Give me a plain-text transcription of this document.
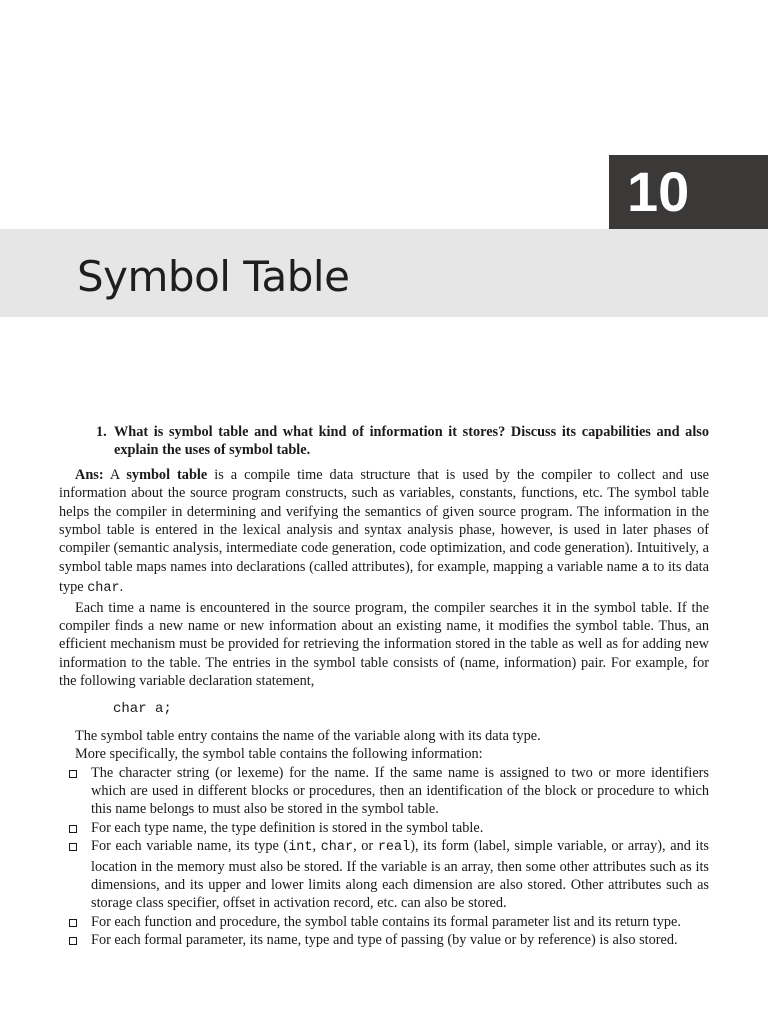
10
Symbol Table

1. What is symbol table and what kind of information it stores? Discuss its capabilities and also explain the uses of symbol table.

Ans: A symbol table is a compile time data structure that is used by the compiler to collect and use information about the source program constructs, such as variables, constants, functions, etc. The symbol table helps the compiler in determining and verifying the semantics of given source program. The information in the symbol table is entered in the lexical analysis and syntax analysis phase, however, is used in later phases of compiler (semantic analysis, intermediate code generation, code optimization, and code generation). Intuitively, a symbol table maps names into declarations (called attributes), for example, mapping a variable name a to its data type char.

Each time a name is encountered in the source program, the compiler searches it in the symbol table. If the compiler finds a new name or new information about an existing name, it modifies the symbol table. Thus, an efficient mechanism must be provided for retrieving the information stored in the table as well as for adding new information to the table. The entries in the symbol table consists of (name, information) pair. For example, for the following variable declaration statement,

char a;

The symbol table entry contains the name of the variable along with its data type.

More specifically, the symbol table contains the following information:

The character string (or lexeme) for the name. If the same name is assigned to two or more identifiers which are used in different blocks or procedures, then an identification of the block or procedure to which this name belongs to must also be stored in the symbol table.
For each type name, the type definition is stored in the symbol table.
For each variable name, its type (int, char, or real), its form (label, simple variable, or array), and its location in the memory must also be stored. If the variable is an array, then some other attributes such as its dimensions, and its upper and lower limits along each dimension are also stored. Other attributes such as storage class specifier, offset in activation record, etc. can also be stored.
For each function and procedure, the symbol table contains its formal parameter list and its return type.
For each formal parameter, its name, type and type of passing (by value or by reference) is also stored.
